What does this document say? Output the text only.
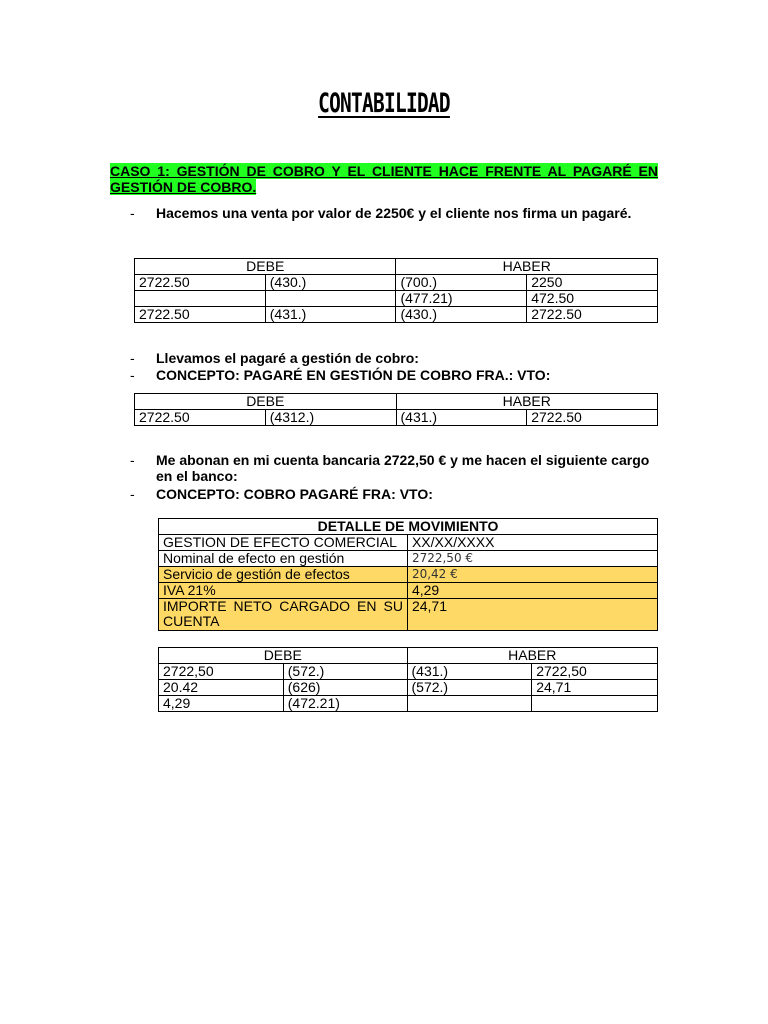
CONTABILIDAD
CASO 1: GESTIÓN DE COBRO Y EL CLIENTE HACE FRENTE AL PAGARÉ EN GESTIÓN DE COBRO.
- Hacemos una venta por valor de 2250€ y el cliente nos firma un pagaré.
DEBE		HABER	
2722.50	(430.)	(700.)	2250
		(477.21)	472.50
2722.50	(431.)	(430.)	2722.50
- Llevamos el pagaré a gestión de cobro:
- CONCEPTO: PAGARÉ EN GESTIÓN DE COBRO FRA.: VTO:
DEBE		HABER	
2722.50	(4312.)	(431.)	2722.50
- Me abonan en mi cuenta bancaria 2722,50 € y me hacen el siguiente cargo en el banco:
- CONCEPTO: COBRO PAGARÉ FRA: VTO:
DETALLE DE MOVIMIENTO	
GESTION DE EFECTO COMERCIAL	XX/XX/XXXX
Nominal de efecto en gestión	2722,50 €
Servicio de gestión de efectos	20,42 €
IVA 21%	4,29
IMPORTE NETO CARGADO EN SU CUENTA	24,71
DEBE		HABER	
2722,50	(572.)	(431.)	2722,50
20.42	(626)	(572.)	24,71
4,29	(472.21)		
